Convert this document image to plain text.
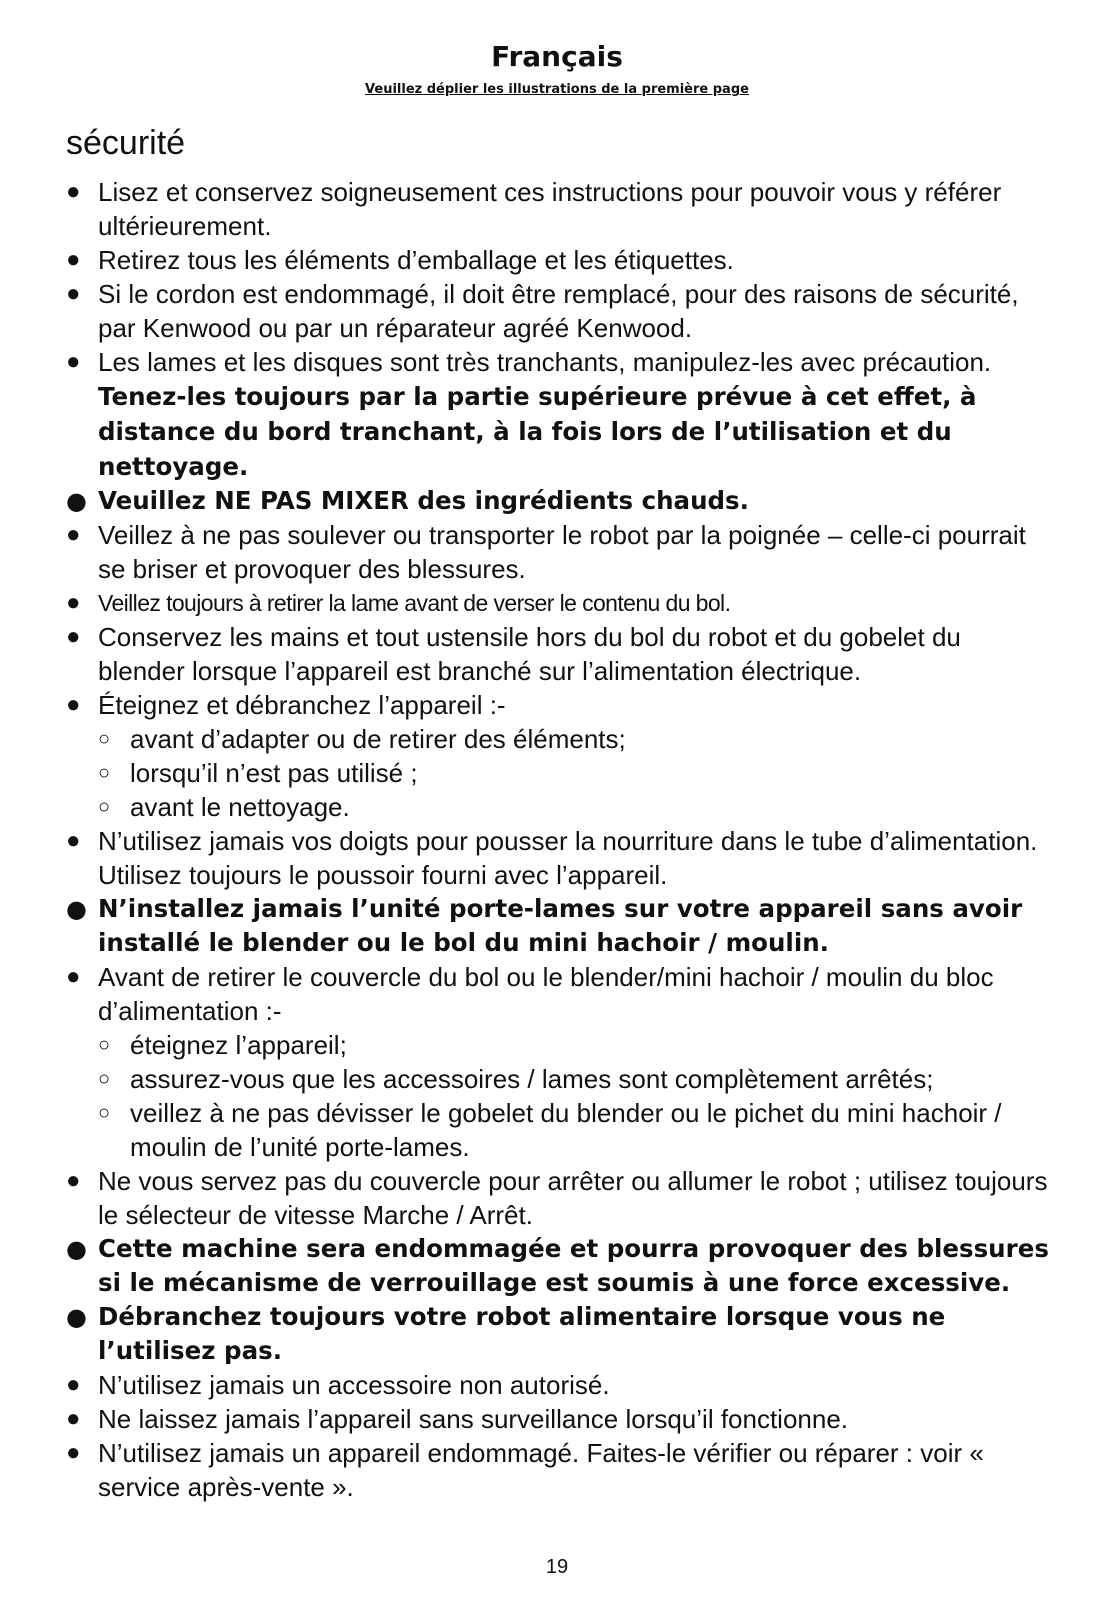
Français

Veuillez déplier les illustrations de la première page

sécurité
● Lisez et conservez soigneusement ces instructions pour pouvoir vous y référer ultérieurement.
● Retirez tous les éléments d’emballage et les étiquettes.
● Si le cordon est endommagé, il doit être remplacé, pour des raisons de sécurité, par Kenwood ou par un réparateur agréé Kenwood.
● Les lames et les disques sont très tranchants, manipulez-les avec précaution. Tenez-les toujours par la partie supérieure prévue à cet effet, à distance du bord tranchant, à la fois lors de l’utilisation et du nettoyage.
● Veuillez NE PAS MIXER des ingrédients chauds.
● Veillez à ne pas soulever ou transporter le robot par la poignée – celle-ci pourrait se briser et provoquer des blessures.
● Veillez toujours à retirer la lame avant de verser le contenu du bol.
● Conservez les mains et tout ustensile hors du bol du robot et du gobelet du blender lorsque l’appareil est branché sur l’alimentation électrique.
● Éteignez et débranchez l’appareil :-
○ avant d’adapter ou de retirer des éléments;
○ lorsqu’il n’est pas utilisé ;
○ avant le nettoyage.
● N’utilisez jamais vos doigts pour pousser la nourriture dans le tube d’alimentation. Utilisez toujours le poussoir fourni avec l’appareil.
● N’installez jamais l’unité porte-lames sur votre appareil sans avoir installé le blender ou le bol du mini hachoir / moulin.
● Avant de retirer le couvercle du bol ou le blender/mini hachoir / moulin du bloc d’alimentation :-
○ éteignez l’appareil;
○ assurez-vous que les accessoires / lames sont complètement arrêtés;
○ veillez à ne pas dévisser le gobelet du blender ou le pichet du mini hachoir / moulin de l’unité porte-lames.
● Ne vous servez pas du couvercle pour arrêter ou allumer le robot ; utilisez toujours le sélecteur de vitesse Marche / Arrêt.
● Cette machine sera endommagée et pourra provoquer des blessures si le mécanisme de verrouillage est soumis à une force excessive.
● Débranchez toujours votre robot alimentaire lorsque vous ne l’utilisez pas.
● N’utilisez jamais un accessoire non autorisé.
● Ne laissez jamais l’appareil sans surveillance lorsqu’il fonctionne.
● N’utilisez jamais un appareil endommagé. Faites-le vérifier ou réparer : voir « service après-vente ».
19
